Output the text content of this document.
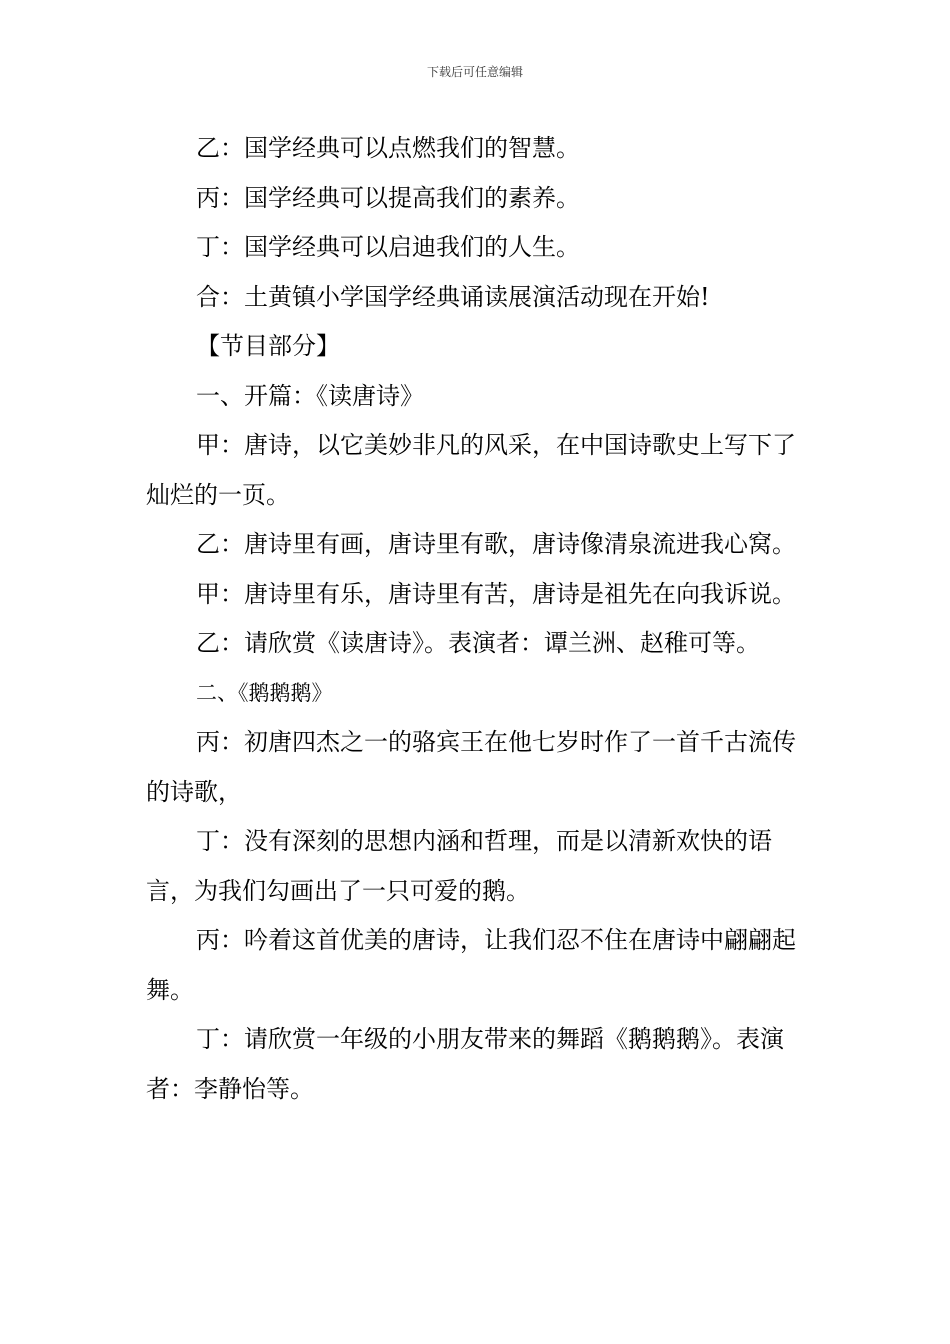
下载后可任意编辑

乙：国学经典可以点燃我们的智慧。

丙：国学经典可以提高我们的素养。

丁：国学经典可以启迪我们的人生。

合：土黄镇小学国学经典诵读展演活动现在开始!

【节目部分】

一、开篇：《读唐诗》

甲：唐诗，以它美妙非凡的风采，在中国诗歌史上写下了灿烂的一页。

乙：唐诗里有画，唐诗里有歌，唐诗像清泉流进我心窝。

甲：唐诗里有乐，唐诗里有苦，唐诗是祖先在向我诉说。

乙：请欣赏《读唐诗》。表演者：谭兰洲、赵稚可等。

二、《鹅鹅鹅》

丙：初唐四杰之一的骆宾王在他七岁时作了一首千古流传的诗歌，

丁：没有深刻的思想内涵和哲理，而是以清新欢快的语言，为我们勾画出了一只可爱的鹅。

丙：吟着这首优美的唐诗，让我们忍不住在唐诗中翩翩起舞。

丁：请欣赏一年级的小朋友带来的舞蹈《鹅鹅鹅》。表演者：李静怡等。
